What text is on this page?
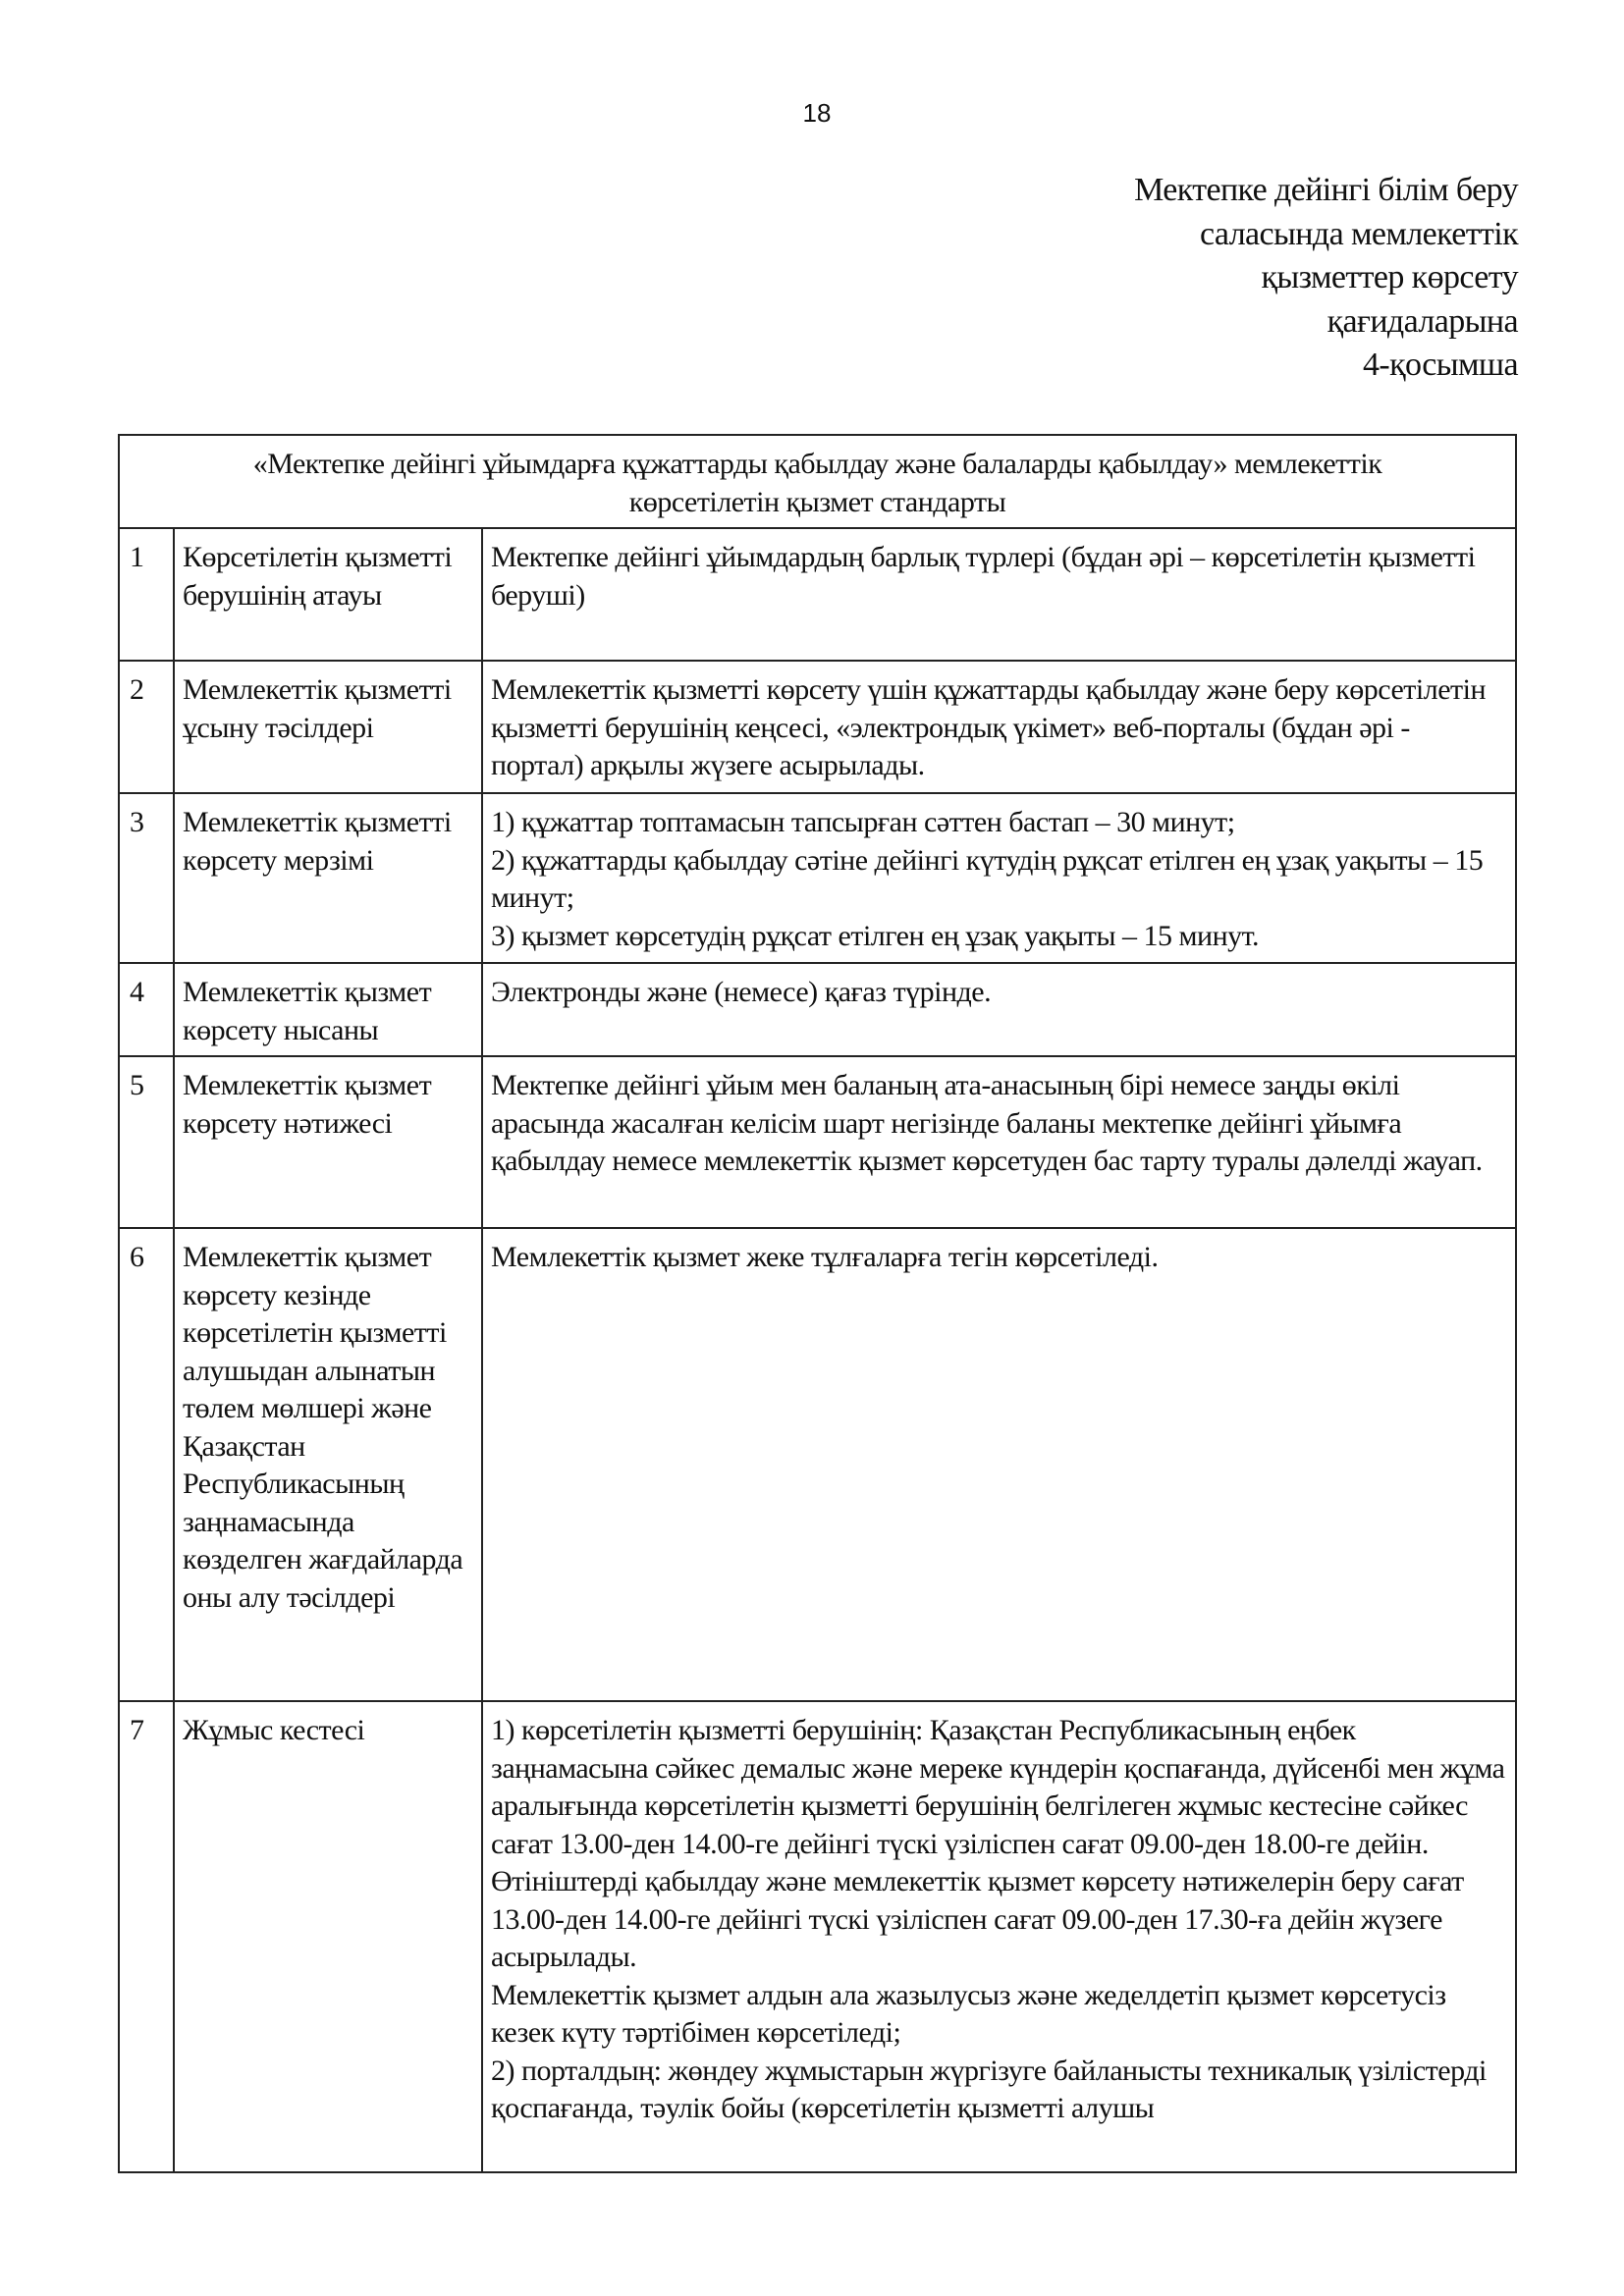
18
Мектепке дейінгі білім беру
саласында мемлекеттік
қызметтер көрсету
қағидаларына
4-қосымша
«Мектепке дейінгі ұйымдарға құжаттарды қабылдау және балаларды қабылдау» мемлекеттік
көрсетілетін қызмет стандарты		

1	Көрсетілетін қызметті берушінің атауы	Мектепке дейінгі ұйымдардың барлық түрлері (бұдан әрі – көрсетілетін қызметті беруші)

2	Мемлекеттік қызметті ұсыну тәсілдері	Мемлекеттік қызметті көрсету үшін құжаттарды қабылдау және беру көрсетілетін қызметті берушінің кеңсесі, «электрондық үкімет» веб-порталы (бұдан әрі - портал) арқылы жүзеге асырылады.

3	Мемлекеттік қызметті көрсету мерзімі	1) құжаттар топтамасын тапсырған сәттен бастап – 30 минут;
2) құжаттарды қабылдау сәтіне дейінгі күтудің рұқсат етілген ең ұзақ уақыты – 15 минут;
3) қызмет көрсетудің рұқсат етілген ең ұзақ уақыты – 15 минут.

4	Мемлекеттік қызмет көрсету нысаны	Электронды және (немесе) қағаз түрінде.

5	Мемлекеттік қызмет көрсету нәтижесі	Мектепке дейінгі ұйым мен баланың ата-анасының бірі немесе заңды өкілі арасында жасалған келісім шарт негізінде баланы мектепке дейінгі ұйымға қабылдау немесе мемлекеттік қызмет көрсетуден бас тарту туралы дәлелді жауап.

6	Мемлекеттік қызмет көрсету кезінде көрсетілетін қызметті алушыдан алынатын төлем мөлшері және Қазақстан Республикасының заңнамасында көзделген жағдайларда оны алу тәсілдері	Мемлекеттік қызмет жеке тұлғаларға тегін көрсетіледі.

7	Жұмыс кестесі	1) көрсетілетін қызметті берушінің: Қазақстан Республикасының еңбек заңнамасына сәйкес демалыс және мереке күндерін қоспағанда, дүйсенбі мен жұма аралығында көрсетілетін қызметті берушінің белгілеген жұмыс кестесіне сәйкес сағат 13.00-ден 14.00-ге дейінгі түскі үзіліспен сағат 09.00-ден 18.00-ге дейін.
Өтініштерді қабылдау және мемлекеттік қызмет көрсету нәтижелерін беру сағат 13.00-ден 14.00-ге дейінгі түскі үзіліспен сағат 09.00-ден 17.30-ға дейін жүзеге асырылады.
Мемлекеттік қызмет алдын ала жазылусыз және жеделдетіп қызмет көрсетусіз кезек күту тәртібімен көрсетіледі;
2) порталдың: жөндеу жұмыстарын жүргізуге байланысты техникалық үзілістерді қоспағанда, тәулік бойы (көрсетілетін қызметті алушы
